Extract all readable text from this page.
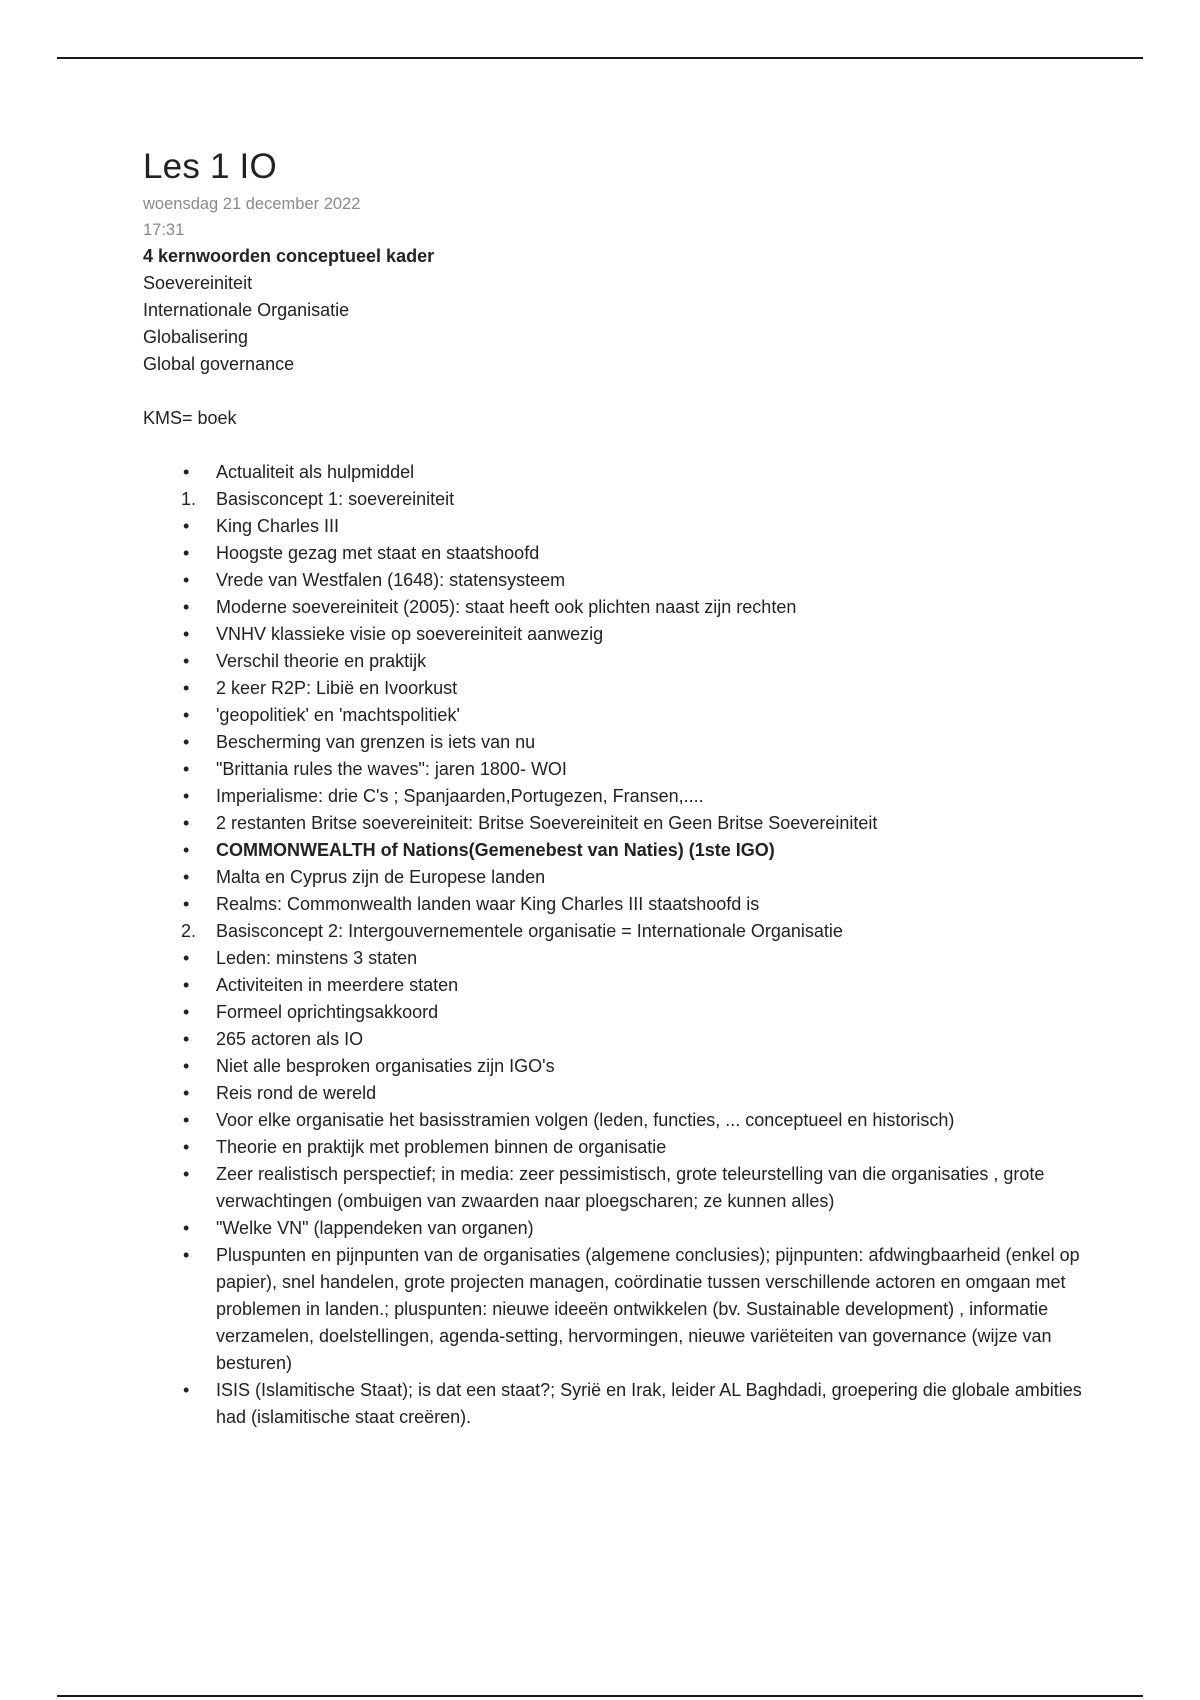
Les 1 IO
woensdag 21 december 2022
17:31
4 kernwoorden conceptueel kader
Soevereiniteit
Internationale Organisatie
Globalisering
Global governance
KMS= boek
•	Actualiteit als hulpmiddel
1.	Basisconcept 1: soevereiniteit
•	King Charles III
•	Hoogste gezag met staat en staatshoofd
•	Vrede van Westfalen (1648): statensysteem
•	Moderne soevereiniteit (2005): staat heeft ook plichten naast zijn rechten
•	VNHV klassieke visie op soevereiniteit aanwezig
•	Verschil theorie en praktijk
•	2 keer R2P: Libië en Ivoorkust
•	'geopolitiek' en 'machtspolitiek'
•	Bescherming van grenzen is iets van nu
•	"Brittania rules the waves": jaren 1800- WOI
•	Imperialisme: drie C's ; Spanjaarden,Portugezen, Fransen,....
•	2 restanten Britse soevereiniteit: Britse Soevereiniteit en Geen Britse Soevereiniteit
•	COMMONWEALTH of Nations(Gemenebest van Naties) (1ste IGO)
•	Malta en Cyprus zijn de Europese landen
•	Realms: Commonwealth landen waar King Charles III staatshoofd is
2.	Basisconcept 2: Intergouvernementele organisatie = Internationale Organisatie
•	Leden: minstens 3 staten
•	Activiteiten in meerdere staten
•	Formeel oprichtingsakkoord
•	265 actoren als IO
•	Niet alle besproken organisaties zijn IGO's
•	Reis rond de wereld
•	Voor elke organisatie het basisstramien volgen (leden, functies, ... conceptueel en historisch)
•	Theorie en praktijk met problemen binnen de organisatie
•	Zeer realistisch perspectief; in media: zeer pessimistisch, grote teleurstelling van die organisaties , grote verwachtingen (ombuigen van zwaarden naar ploegscharen; ze kunnen alles)
•	"Welke VN" (lappendeken van organen)
•	Pluspunten en pijnpunten van de organisaties (algemene conclusies); pijnpunten: afdwingbaarheid (enkel op papier), snel handelen, grote projecten managen, coördinatie tussen verschillende actoren en omgaan met problemen in landen.; pluspunten: nieuwe ideeën ontwikkelen (bv. Sustainable development) , informatie verzamelen, doelstellingen, agenda-setting, hervormingen, nieuwe variëteiten van governance (wijze van besturen)
•	ISIS (Islamitische Staat); is dat een staat?; Syrië en Irak, leider AL Baghdadi, groepering die globale ambities had (islamitische staat creëren).
